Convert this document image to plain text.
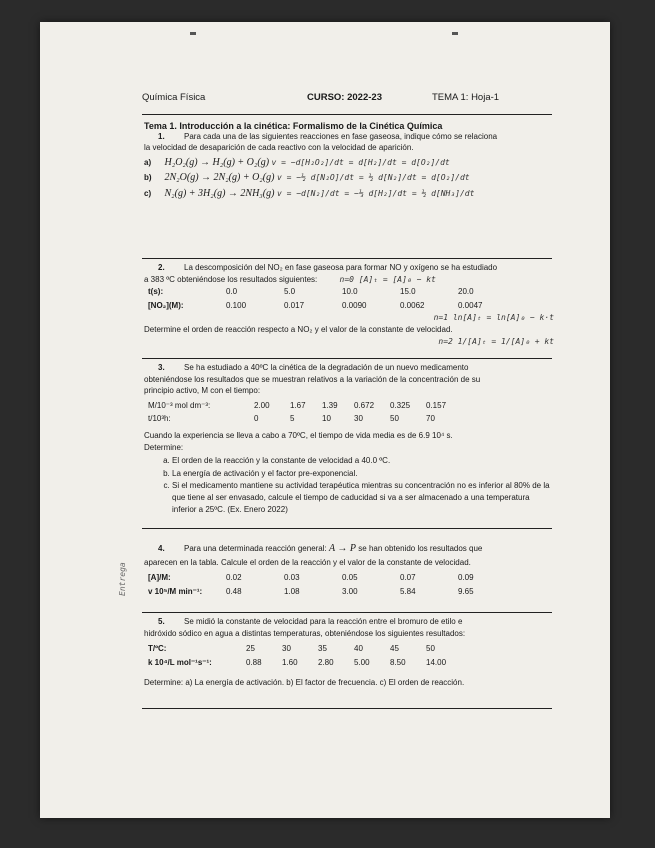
Química Física	CURSO: 2022-23	TEMA 1: Hoja-1
Tema 1. Introducción a la cinética: Formalismo de la Cinética Química
1. Para cada una de las siguientes reacciones en fase gaseosa, indique cómo se relaciona
la velocidad de desaparición de cada reactivo con la velocidad de aparición.
a) H₂O₂(g) → H₂(g) + O₂(g) v = −d[H₂O₂]/dt = d[H₂]/dt = d[O₂]/dt
b) 2N₂O(g) → 2N₂(g) + O₂(g) v = −½ d[N₂O]/dt = ½ d[N₂]/dt = d[O₂]/dt
c) N₂(g) + 3H₂(g) → 2NH₃(g) v = −d[N₂]/dt = −⅓ d[H₂]/dt = ½ d[NH₃]/dt
2. La descomposición del NO₂ en fase gaseosa para formar NO y oxígeno se ha estudiado
a 383 ºC obteniéndose los resultados siguientes:	n=0 [A]ₜ = [A]₀ − kt
t(s):	0.0	5.0	10.0	15.0	20.0
[NO₂](M):	0.100	0.017	0.0090	0.0062	0.0047
n=1 ln[A]ₜ = ln[A]₀ − k·t
Determine el orden de reacción respecto a NO₂ y el valor de la constante de velocidad.
n=2 1/[A]ₜ = 1/[A]₀ + kt
3. Se ha estudiado a 40ºC la cinética de la degradación de un nuevo medicamento
obteniéndose los resultados que se muestran relativos a la variación de la concentración de su
principio activo, M con el tiempo:
M/10⁻³ mol dm⁻³:	2.00	1.67	1.39	0.672	0.325	0.157
t/10³h:	0	5	10	30	50	70
Cuando la experiencia se lleva a cabo a 70ºC, el tiempo de vida media es de 6.9 10⁴ s.
Determine:
a. El orden de la reacción y la constante de velocidad a 40.0 ºC.
b. La energía de activación y el factor pre-exponencial.
c. Si el medicamento mantiene su actividad terapéutica mientras su concentración no es inferior al 80% de la que tiene al ser envasado, calcule el tiempo de caducidad si va a ser almacenado a una temperatura inferior a 25ºC. (Ex. Enero 2022)
4. Para una determinada reacción general: A → P se han obtenido los resultados que
aparecen en la tabla. Calcule el orden de la reacción y el valor de la constante de velocidad.
[A]/M:	0.02	0.03	0.05	0.07	0.09
v 10⁵/M min⁻¹:	0.48	1.08	3.00	5.84	9.65
Entrega
5. Se midió la constante de velocidad para la reacción entre el bromuro de etilo e
hidróxido sódico en agua a distintas temperaturas, obteniéndose los siguientes resultados:
T/ºC:	25	30	35	40	45	50
k 10⁴/L mol⁻¹s⁻¹:	0.88	1.60	2.80	5.00	8.50	14.00
Determine: a) La energía de activación. b) El factor de frecuencia. c) El orden de reacción.
